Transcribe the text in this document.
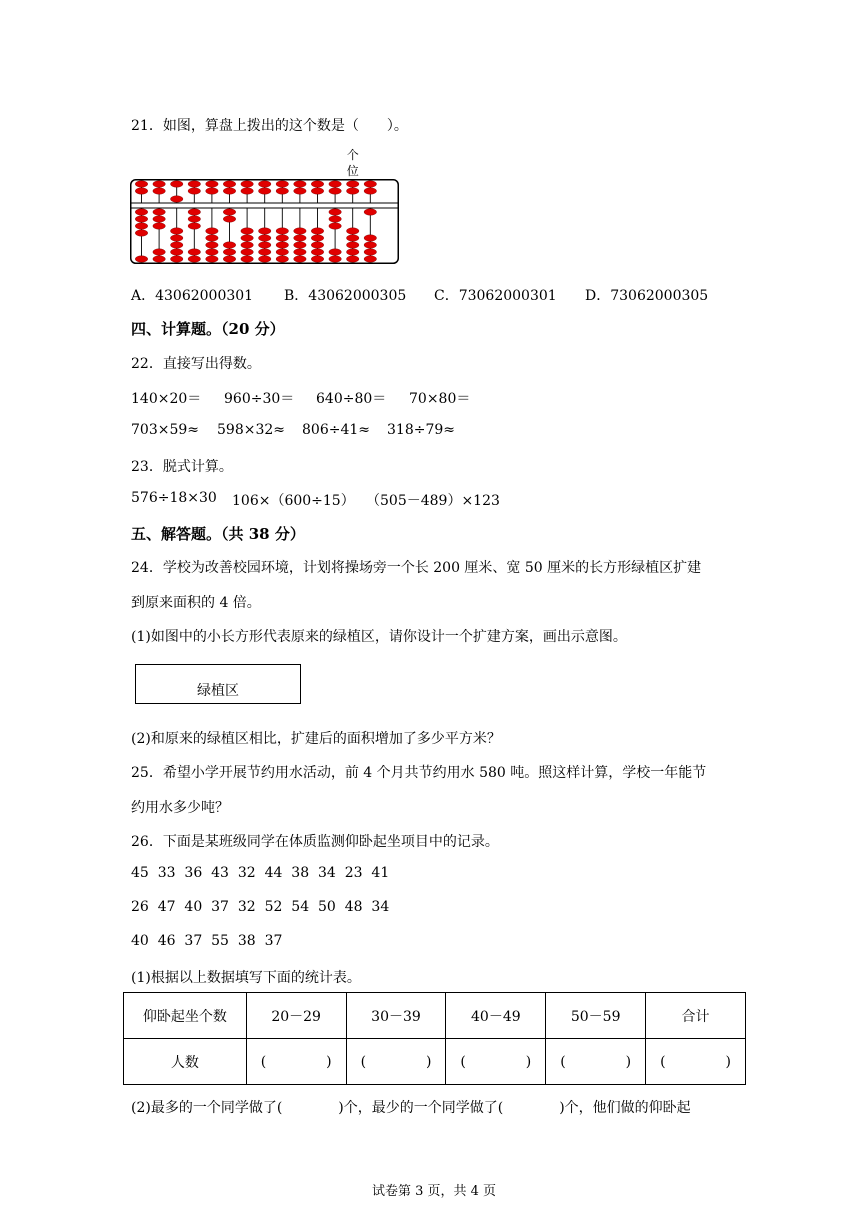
21．如图，算盘上拨出的这个数是（　　）。
个
位
A．43062000301 B．43062000305 C．73062000301 D．73062000305
四、计算题。（20 分）
22．直接写出得数。
140×20＝ 960÷30＝ 640÷80＝ 70×80＝
703×59≈ 598×32≈ 806÷41≈ 318÷79≈
23．脱式计算。
576÷18×30 106×（600÷15） （505－489）×123
五、解答题。（共 38 分）
24．学校为改善校园环境，计划将操场旁一个长 200 厘米、宽 50 厘米的长方形绿植区扩建
到原来面积的 4 倍。
(1)如图中的小长方形代表原来的绿植区，请你设计一个扩建方案，画出示意图。
绿植区
(2)和原来的绿植区相比，扩建后的面积增加了多少平方米？
25．希望小学开展节约用水活动，前 4 个月共节约用水 580 吨。照这样计算，学校一年能节
约用水多少吨？
26．下面是某班级同学在体质监测仰卧起坐项目中的记录。
45  33  36  43  32  44  38  34  23  41
26  47  40  37  32  52  54  50  48  34
40  46  37  55  38  37
(1)根据以上数据填写下面的统计表。
仰卧起坐个数	20－29	30－39	40－49	50－59	合计
人数	( )	( )	( )	( )	( )
(2)最多的一个同学做了(　　　　)个，最少的一个同学做了(　　　　)个，他们做的仰卧起
试卷第 3 页，共 4 页
